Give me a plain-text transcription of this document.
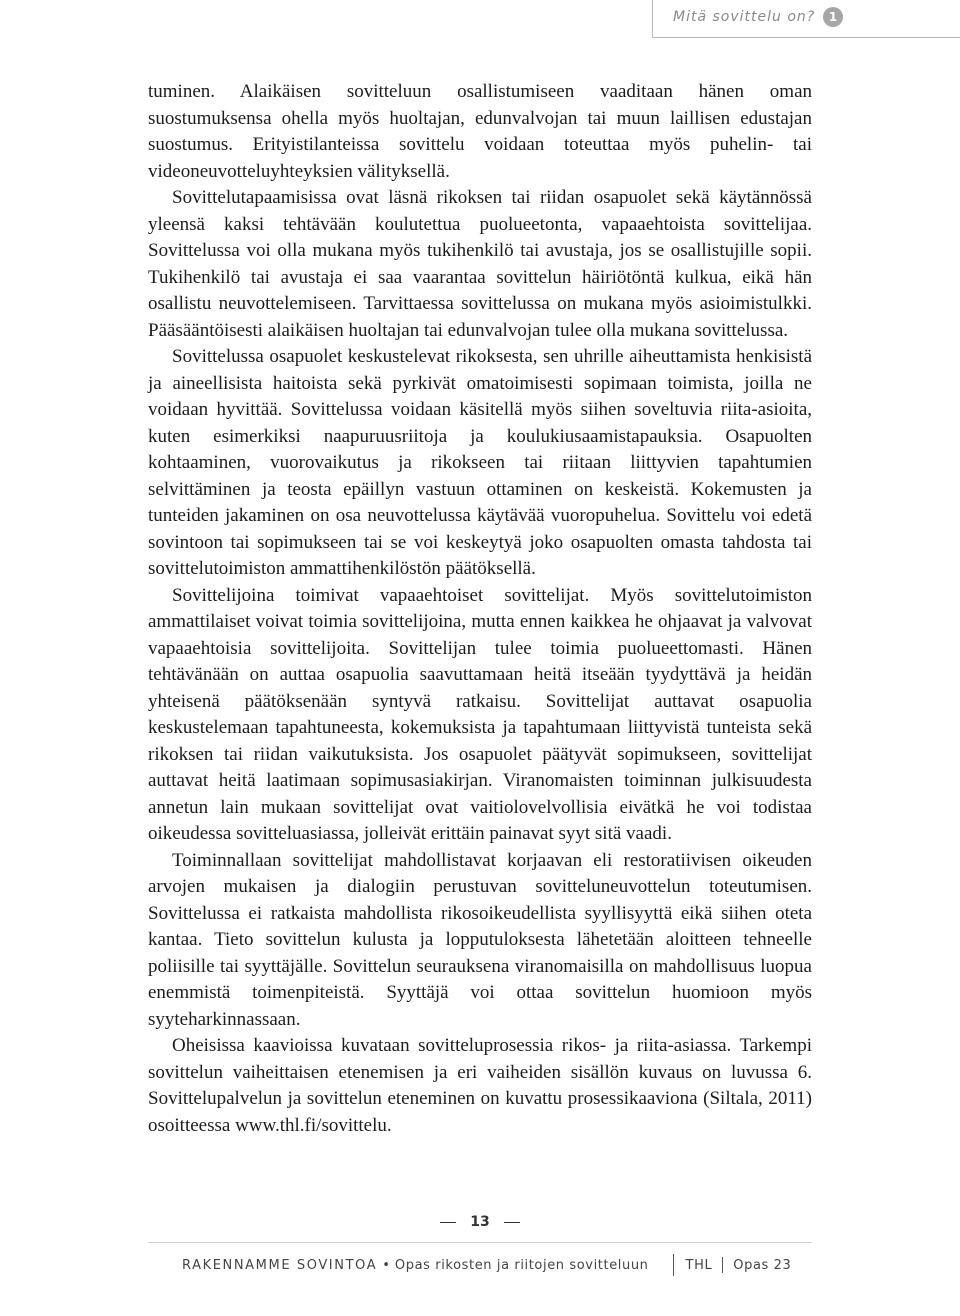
Mitä sovittelu on?	1

tuminen. Alaikäisen sovitteluun osallistumiseen vaaditaan hänen oman suostumuksensa ohella myös huoltajan, edunvalvojan tai muun laillisen edustajan suostumus. Erityistilanteissa sovittelu voidaan toteuttaa myös puhelin- tai videoneuvotteluyhteyksien välityksellä.

Sovittelutapaamisissa ovat läsnä rikoksen tai riidan osapuolet sekä käytännössä yleensä kaksi tehtävään koulutettua puolueetonta, vapaaehtoista sovittelijaa. Sovittelussa voi olla mukana myös tukihenkilö tai avustaja, jos se osallistujille sopii. Tukihenkilö tai avustaja ei saa vaarantaa sovittelun häiriötöntä kulkua, eikä hän osallistu neuvottelemiseen. Tarvittaessa sovittelussa on mukana myös asioimistulkki. Pääsääntöisesti alaikäisen huoltajan tai edunvalvojan tulee olla mukana sovittelussa.

Sovittelussa osapuolet keskustelevat rikoksesta, sen uhrille aiheuttamista henkisistä ja aineellisista haitoista sekä pyrkivät omatoimisesti sopimaan toimista, joilla ne voidaan hyvittää. Sovittelussa voidaan käsitellä myös siihen soveltuvia riita-asioita, kuten esimerkiksi naapuruusriitoja ja koulukiusaamistapauksia. Osapuolten kohtaaminen, vuorovaikutus ja rikokseen tai riitaan liittyvien tapahtumien selvittäminen ja teosta epäillyn vastuun ottaminen on keskeistä. Kokemusten ja tunteiden jakaminen on osa neuvottelussa käytävää vuoropuhelua. Sovittelu voi edetä sovintoon tai sopimukseen tai se voi keskeytyä joko osapuolten omasta tahdosta tai sovittelutoimiston ammattihenkilöstön päätöksellä.

Sovittelijoina toimivat vapaaehtoiset sovittelijat. Myös sovittelutoimiston ammattilaiset voivat toimia sovittelijoina, mutta ennen kaikkea he ohjaavat ja valvovat vapaaehtoisia sovittelijoita. Sovittelijan tulee toimia puolueettomasti. Hänen tehtävänään on auttaa osapuolia saavuttamaan heitä itseään tyydyttävä ja heidän yhteisenä päätöksenään syntyvä ratkaisu. Sovittelijat auttavat osapuolia keskustelemaan tapahtuneesta, kokemuksista ja tapahtumaan liittyvistä tunteista sekä rikoksen tai riidan vaikutuksista. Jos osapuolet päätyvät sopimukseen, sovittelijat auttavat heitä laatimaan sopimusasiakirjan. Viranomaisten toiminnan julkisuudesta annetun lain mukaan sovittelijat ovat vaitiolovelvollisia eivätkä he voi todistaa oikeudessa sovitteluasiassa, jolleivät erittäin painavat syyt sitä vaadi.

Toiminnallaan sovittelijat mahdollistavat korjaavan eli restoratiivisen oikeuden arvojen mukaisen ja dialogiin perustuvan sovitteluneuvottelun toteutumisen. Sovittelussa ei ratkaista mahdollista rikosoikeudellista syyllisyyttä eikä siihen oteta kantaa. Tieto sovittelun kulusta ja lopputuloksesta lähetetään aloitteen tehneelle poliisille tai syyttäjälle. Sovittelun seurauksena viranomaisilla on mahdollisuus luopua enemmistä toimenpiteistä. Syyttäjä voi ottaa sovittelun huomioon myös syyteharkinnassaan.

Oheisissa kaavioissa kuvataan sovitteluprosessia rikos- ja riita-asiassa. Tarkempi sovittelun vaiheittaisen etenemisen ja eri vaiheiden sisällön kuvaus on luvussa 6. Sovittelupalvelun ja sovittelun eteneminen on kuvattu prosessikaaviona (Siltala, 2011) osoitteessa www.thl.fi/sovittelu.

13
RAKENNAMME SOVINTOA • Opas rikosten ja riitojen sovitteluun	THL Opas 23
